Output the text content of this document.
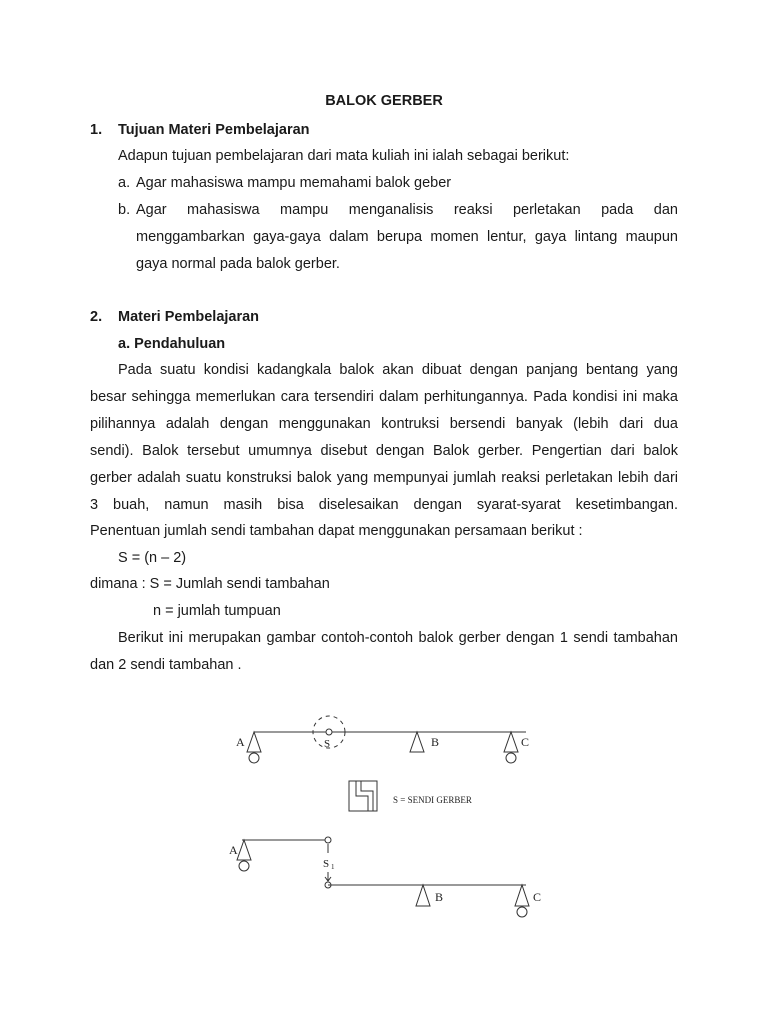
BALOK GERBER
1. Tujuan Materi Pembelajaran
Adapun tujuan pembelajaran dari mata kuliah ini ialah sebagai berikut:
a. Agar mahasiswa mampu memahami balok geber
b. Agar mahasiswa mampu menganalisis reaksi perletakan pada dan
menggambarkan gaya-gaya dalam berupa momen lentur, gaya lintang maupun
gaya normal pada balok gerber.
2. Materi Pembelajaran
a. Pendahuluan
Pada suatu kondisi kadangkala balok akan dibuat dengan panjang bentang yang
besar sehingga memerlukan cara tersendiri dalam perhitungannya. Pada kondisi ini maka
pilihannya adalah dengan menggunakan kontruksi bersendi banyak (lebih dari dua
sendi). Balok tersebut umumnya disebut dengan Balok gerber. Pengertian dari balok
gerber adalah suatu konstruksi balok yang mempunyai jumlah reaksi perletakan lebih dari
3 buah, namun masih bisa diselesaikan dengan syarat-syarat kesetimbangan.
Penentuan jumlah sendi tambahan dapat menggunakan persamaan berikut :
S = (n – 2)
dimana : S = Jumlah sendi tambahan
n = jumlah tumpuan
Berikut ini merupakan gambar contoh-contoh balok gerber dengan 1 sendi tambahan
dan 2 sendi tambahan .
A	S	B	C
S = SENDI GERBER
A
S 1
B	C
